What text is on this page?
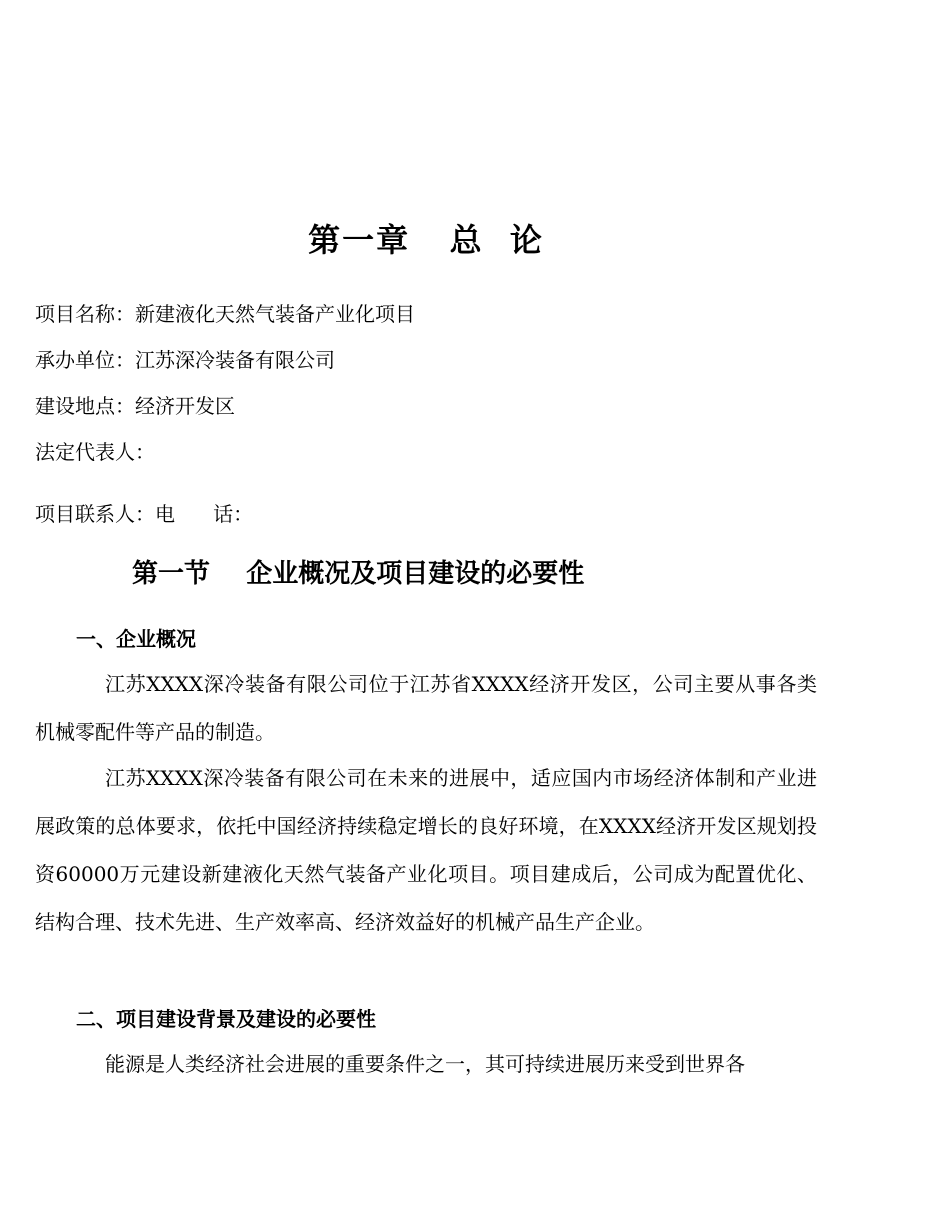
第一章   总  论

项目名称：新建液化天然气装备产业化项目

承办单位：江苏深冷装备有限公司

建设地点：经济开发区

法定代表人：

项目联系人：电      话：

第一节    企业概况及项目建设的必要性
一、企业概况

江苏XXXX深冷装备有限公司位于江苏省XXXX经济开发区，公司主要从事各类机械零配件等产品的制造。

江苏XXXX深冷装备有限公司在未来的进展中，适应国内市场经济体制和产业进展政策的总体要求，依托中国经济持续稳定增长的良好环境，在XXXX经济开发区规划投资60000万元建设新建液化天然气装备产业化项目。项目建成后，公司成为配置优化、结构合理、技术先进、生产效率高、经济效益好的机械产品生产企业。

二、项目建设背景及建设的必要性

能源是人类经济社会进展的重要条件之一，其可持续进展历来受到世界各
